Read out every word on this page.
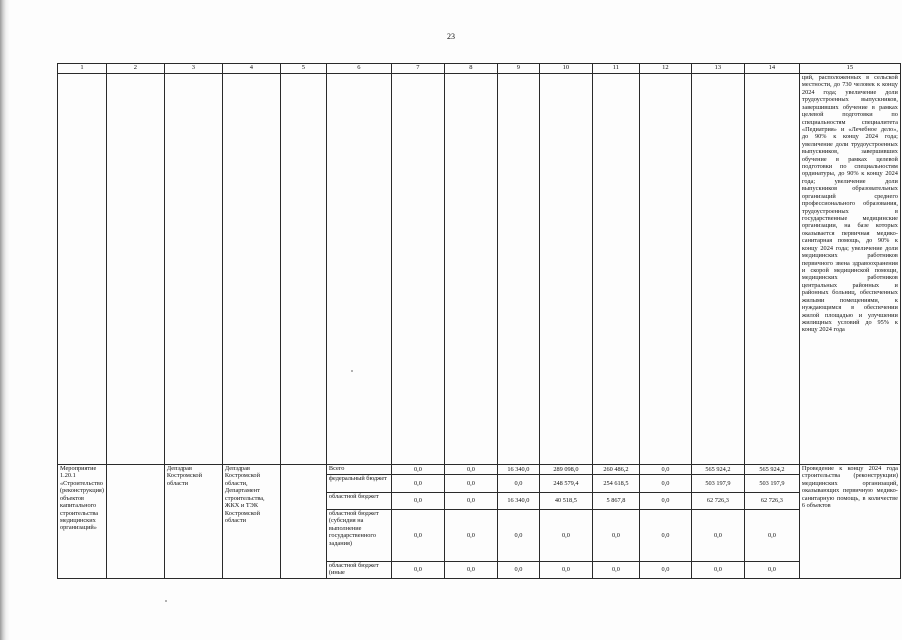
23
1	2	3	4	5	6	7	8	9	10	11	12	13	14	15
														ций, расположенных в сельской местности, до 730 человек к концу 2024 года; увеличение доли трудоустроенных выпускников, завершивших обучение в рамках целевой подготовки по специальностям специалитета «Педиатрия» и «Лечебное дело», до 90% к концу 2024 года; увеличение доли трудоустроенных выпускников, завершивших обучение в рамках целевой подготовки по специальностям ординатуры, до 90% к концу 2024 года; увеличение доли выпускников образовательных организаций среднего профессионального образования, трудоустроенных в государственные медицинские организации, на базе которых оказывается первичная медико-санитарная помощь, до 90% к концу 2024 года; увеличение доли медицинских работников первичного звена здравоохранения и скорой медицинской помощи, медицинских работников центральных районных и районных больниц, обеспеченных жилыми помещениями, к нуждающимся в обеспечении жилой площадью и улучшении жилищных условий до 95% к концу 2024 года
Мероприятие 1.20.1 «Строительство (реконструкция) объектов капитального строительства медицинских организаций»		Депздрав Костромской области	Депздрав Костромской области, Департамент строительства, ЖКХ и ТЭК Костромской области		Всего	0,0	0,0	16 340,0	289 098,0	260 486,2	0,0	565 924,2	565 924,2	Проведение к концу 2024 года строительства (реконструкции) медицинских организаций, оказывающих первичную медико-санитарную помощь, в количестве 6 объектов
					федеральный бюджет	0,0	0,0	0,0	248 579,4	254 618,5	0,0	503 197,9	503 197,9	
					областной бюджет	0,0	0,0	16 340,0	40 518,5	5 867,8	0,0	62 726,3	62 726,3	
					областной бюджет (субсидия на выполнение государственного задания)	0,0	0,0	0,0	0,0	0,0	0,0	0,0	0,0	
					областной бюджет (иные	0,0	0,0	0,0	0,0	0,0	0,0	0,0	0,0	
